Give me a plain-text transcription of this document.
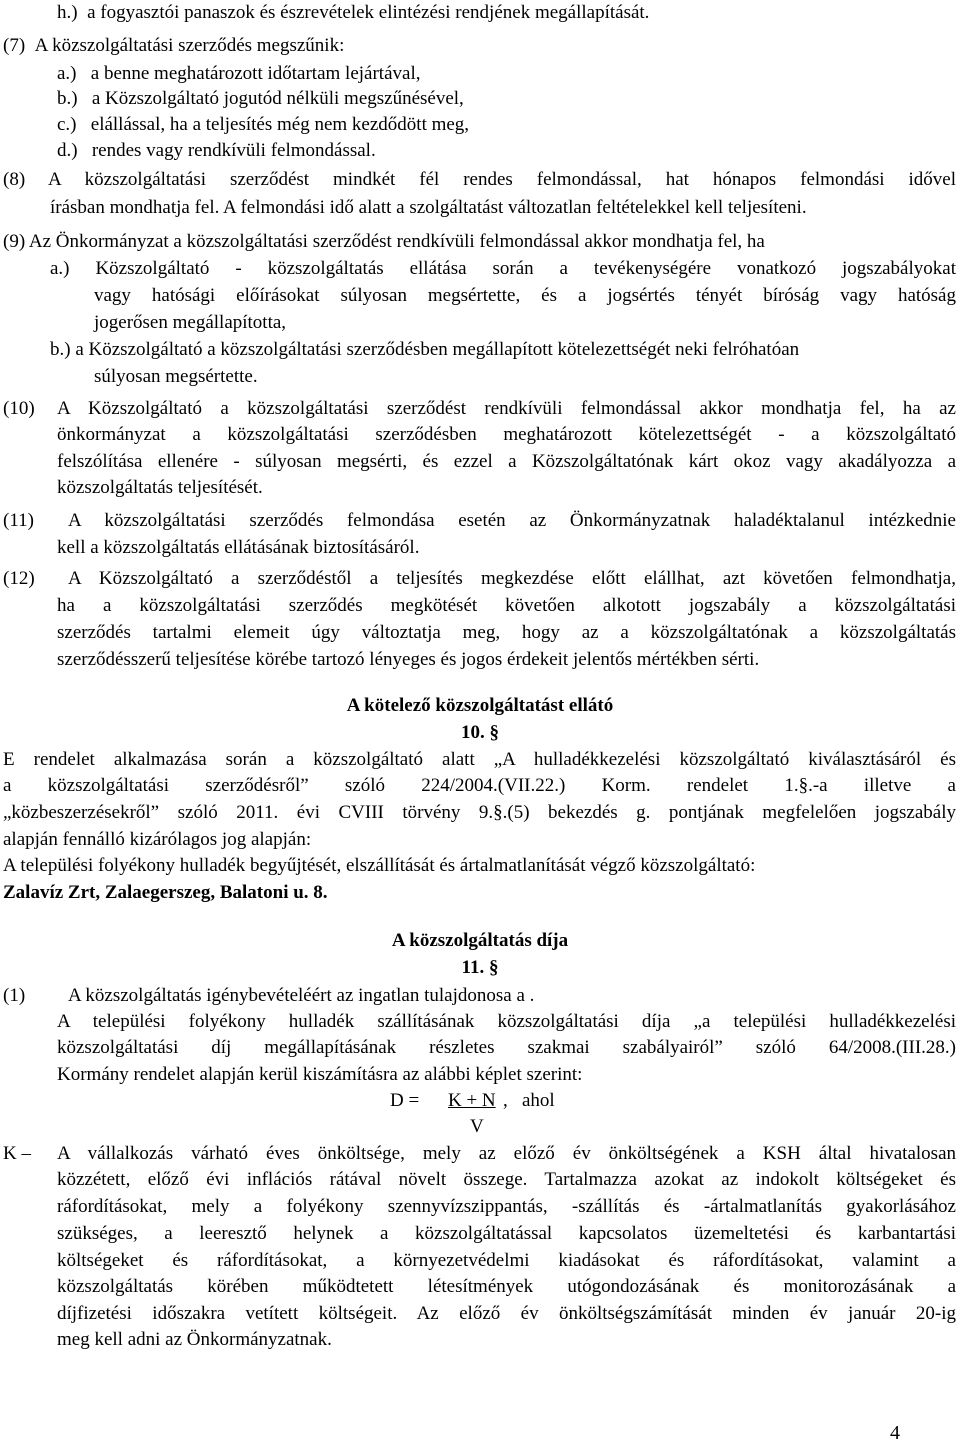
h.)  a fogyasztói panaszok és észrevételek elintézési rendjének megállapítását.
(7)  A közszolgáltatási szerződés megszűnik:
a.)   a benne meghatározott időtartam lejártával,
b.)   a Közszolgáltató jogutód nélküli megszűnésével,
c.)   elállással, ha a teljesítés még nem kezdődött meg,
d.)   rendes vagy rendkívüli felmondással.
(8) A közszolgáltatási szerződést mindkét fél rendes felmondással, hat hónapos felmondási idővel
írásban mondhatja fel. A felmondási idő alatt a szolgáltatást változatlan feltételekkel kell teljesíteni.
(9) Az Önkormányzat a közszolgáltatási szerződést rendkívüli felmondással akkor mondhatja fel, ha
a.) Közszolgáltató - közszolgáltatás ellátása során a tevékenységére vonatkozó jogszabályokat
vagy hatósági előírásokat súlyosan megsértette, és a jogsértés tényét bíróság vagy hatóság
jogerősen megállapította,
b.) a Közszolgáltató a közszolgáltatási szerződésben megállapított kötelezettségét neki felróhatóan
súlyosan megsértette.
(10) A Közszolgáltató a közszolgáltatási szerződést rendkívüli felmondással akkor mondhatja fel, ha az
önkormányzat a közszolgáltatási szerződésben meghatározott kötelezettségét - a közszolgáltató
felszólítása ellenére - súlyosan megsérti, és ezzel a Közszolgáltatónak kárt okoz vagy akadályozza a
közszolgáltatás teljesítését.
(11) A közszolgáltatási szerződés felmondása esetén az Önkormányzatnak haladéktalanul intézkednie
kell a közszolgáltatás ellátásának biztosításáról.
(12) A Közszolgáltató a szerződéstől a teljesítés megkezdése előtt elállhat, azt követően felmondhatja,
ha a közszolgáltatási szerződés megkötését követően alkotott jogszabály a közszolgáltatási
szerződés tartalmi elemeit úgy változtatja meg, hogy az a közszolgáltatónak a közszolgáltatás
szerződésszerű teljesítése körébe tartozó lényeges és jogos érdekeit jelentős mértékben sérti.
A kötelező közszolgáltatást ellátó
10. §
E rendelet alkalmazása során a közszolgáltató alatt „A hulladékkezelési közszolgáltató kiválasztásáról és
a közszolgáltatási szerződésről” szóló 224/2004.(VII.22.) Korm. rendelet 1.§.-a illetve a
„közbeszerzésekről” szóló 2011. évi CVIII törvény 9.§.(5) bekezdés g. pontjának megfelelően jogszabály
alapján fennálló kizárólagos jog alapján:
A települési folyékony hulladék begyűjtését, elszállítását és ártalmatlanítását végző közszolgáltató:
Zalavíz Zrt, Zalaegerszeg, Balatoni u. 8.
A közszolgáltatás díja
11. §
(1) A közszolgáltatás igénybevételéért az ingatlan tulajdonosa a .
A települési folyékony hulladék szállításának közszolgáltatási díja „a települési hulladékkezelési
közszolgáltatási díj megállapításának részletes szakmai szabályairól” szóló 64/2008.(III.28.)
Kormány rendelet alapján kerül kiszámításra az alábbi képlet szerint:
D = K + N ,   ahol
V
K – A vállalkozás várható éves önköltsége, mely az előző év önköltségének a KSH által hivatalosan
közzétett, előző évi inflációs rátával növelt összege. Tartalmazza azokat az indokolt költségeket és
ráfordításokat, mely a folyékony szennyvízszippantás, -szállítás és -ártalmatlanítás gyakorlásához
szükséges, a leeresztő helynek a közszolgáltatással kapcsolatos üzemeltetési és karbantartási
költségeket és ráfordításokat, a környezetvédelmi kiadásokat és ráfordításokat, valamint a
közszolgáltatás körében működtetett létesítmények utógondozásának és monitorozásának a
díjfizetési időszakra vetített költségeit. Az előző év önköltségszámítását minden év január 20-ig
meg kell adni az Önkormányzatnak.
4
